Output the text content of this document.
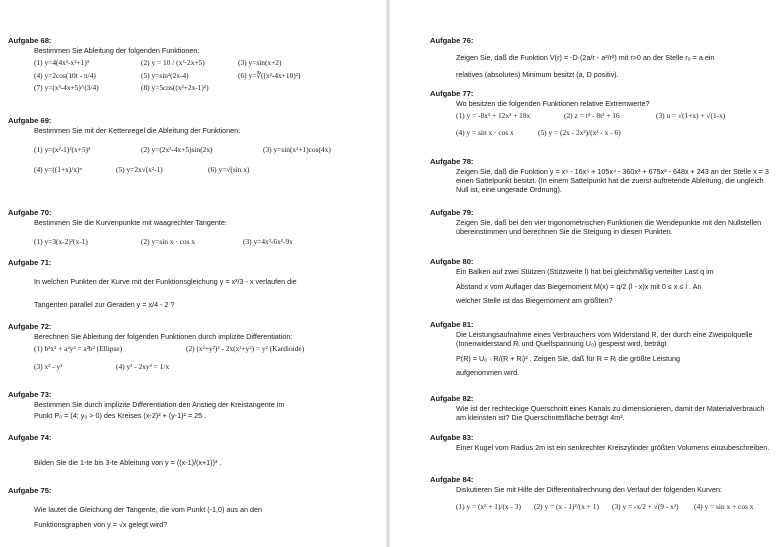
Aufgabe 68:
Bestimmen Sie Ableitung der folgenden Funktionen:
(1) y=4(4x³-x²+1)³	(2) y = 10 / (x³·2x+5)	(3) y=sin(x+2)
(4) y=2cos(10t - π/4)	(5) y=sin²(2x-4)	(6) y=∛((x²-4x+10)²)
(7) y=(x³-4x+5)^(3/4)	(8) y=5cos((x²+2x-1)²)
Aufgabe 69:
Bestimmen Sie mit der Kettenregel die Ableitung der Funktionen:
(1) y=(x²-1)²(x+5)³	(2) y=(2x³-4x+5)sin(2x)	(3) y=sin(x²+1)cos(4x)
(4) y=((1+x)/x)ⁿ	(5) y=2x√(x²-1)	(6) y=√(sin x)
Aufgabe 70:
Bestimmen Sie die Kurvenpunkte mit waagrechter Tangente:
(1) y=3(x-2)²(x-1)	(2) y=sin x · cos x	(3) y=4x³-6x²-9x
Aufgabe 71:
In welchen Punkten der Kurve mit der Funktionsgleichung y = x³/3 - x verlaufen die
Tangenten parallel zur Geraden y = x/4 - 2 ?
Aufgabe 72:
Berechnen Sie Ableitung der folgenden Funktionen durch implizite Differentiation:
(1) b²x² + a²y² = a²b² (Ellipse)	(2) (x²+y²)² - 2x(x²+y²) = y² (Kardioide)
(3) x² - y³	(4) y³ - 2xy³ = 1/x
Aufgabe 73:
Bestimmen Sie durch implizite Differentiation den Anstieg der Kreistangente im
Punkt P₀ = (4; y₀ > 0) des Kreises (x-2)² + (y-1)² = 25 .
Aufgabe 74:
Bilden Sie die 1-te bis 3-te Ableitung von y = ((x-1)/(x+1))³ .
Aufgabe 75:
Wie lautet die Gleichung der Tangente, die vom Punkt (-1,0) aus an den
Funktionsgraphen von y = √x gelegt wird?
Aufgabe 76:
Zeigen Sie, daß die Funktion V(r) = -D·(2a/r - a²/r²) mit r>0 an der Stelle r₀ = a ein
relatives (absolutes) Minimum besitzt (a, D positiv).
Aufgabe 77:
Wo besitzen die folgenden Funktionen relative Extremwerte?
(1) y = -8x³ + 12x² + 18x	(2) z = t⁴ - 8t² + 16	(3) u = √(1+x) + √(1-x)
(4) y = sin x · cos x	(5) y = (2x - 2x²)/(x² - x - 6)
Aufgabe 78:
Zeigen Sie, daß die Funktion y = x⁶ - 16x⁵ + 105x⁴ - 360x³ + 675x² - 648x + 243 an der Stelle x = 3 einen Sattelpunkt besitzt. (In einem Sattelpunkt hat die zuerst auftretende Ableitung, die ungleich Null ist, eine ungerade Ordnung).
Aufgabe 79:
Zeigen Sie, daß bei den vier trigonometrischen Funktionen die Wendepunkte mit den Nullstellen übereinstimmen und berechnen Sie die Steigung in diesen Punkten.
Aufgabe 80:
Ein Balken auf zwei Stützen (Stützweite l) hat bei gleichmäßig verteilter Last q im
Abstand x vom Auflager das Biegemoment M(x) = q/2 (l - x)x mit 0 ≤ x ≤ l . An
welcher Stelle ist das Biegemoment am größten?
Aufgabe 81:
Die Leistungsaufnahme eines Verbrauchers vom Widerstand R, der durch eine Zweipolquelle (Innenwiderstand Rᵢ und Quellspannung U₀) gespeist wird, beträgt
P(R) = U₀ · R/(R + Rᵢ)² . Zeigen Sie, daß für R = Rᵢ die größte Leistung
aufgenommen wird.
Aufgabe 82:
Wie ist der rechteckige Querschnitt eines Kanals zu dimensionieren, damit der Materialverbrauch am kleinsten ist? Die Querschnittsfläche beträgt 4m².
Aufgabe 83:
Einer Kugel vom Radius 2m ist ein senkrechter Kreiszylinder größten Volumens einzubeschreiben.
Aufgabe 84:
Diskutieren Sie mit Hilfe der Differentialrechnung den Verlauf der folgenden Kurven:
(1) y = (x² + 1)/(x - 3) (2) y = (x - 1)²/(x + 1) (3) y = -x/2 + √(9 - x²) (4) y = sin x + cos x
